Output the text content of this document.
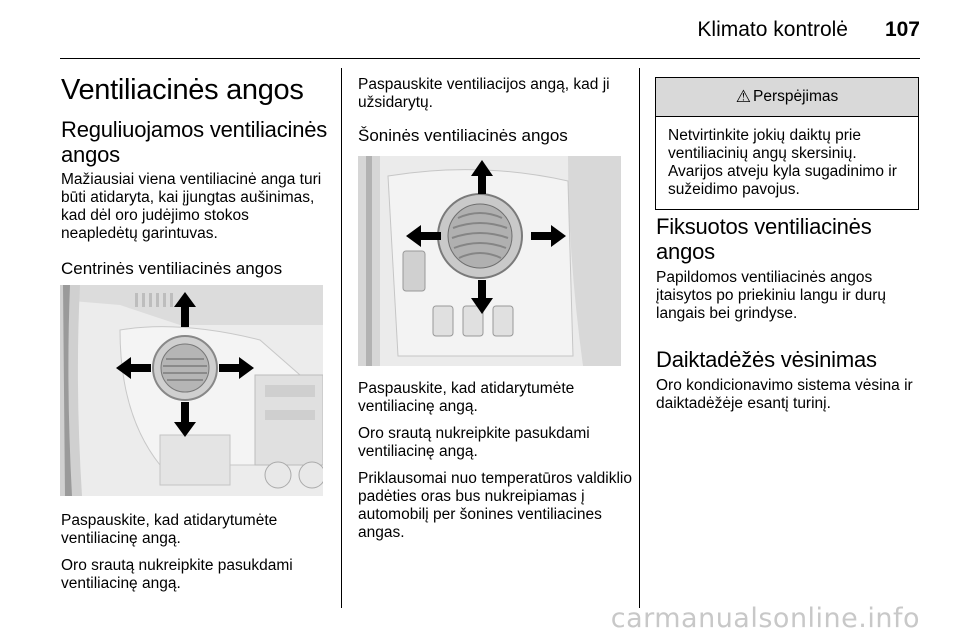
Klimato kontrolė 107
Ventiliacinės angos
Reguliuojamos ventiliacinės angos

Mažiausiai viena ventiliacinė anga turi būti atidaryta, kai įjungtas aušinimas, kad dėl oro judėjimo stokos neapledėtų garintuvas.

Centrinės ventiliacinės angos

Paspauskite, kad atidarytumėte ventiliacinę angą.

Oro srautą nukreipkite pasukdami ventiliacinę angą.

Paspauskite ventiliacijos angą, kad ji užsidarytų.

Šoninės ventiliacinės angos

Paspauskite, kad atidarytumėte ventiliacinę angą.

Oro srautą nukreipkite pasukdami ventiliacinę angą.

Priklausomai nuo temperatūros valdiklio padėties oras bus nukreipiamas į automobilį per šonines ventiliacines angas.

⚠ Perspėjimas
Netvirtinkite jokių daiktų prie ventiliacinių angų skersinių. Avarijos atveju kyla sugadinimo ir sužeidimo pavojus.
Fiksuotos ventiliacinės angos

Papildomos ventiliacinės angos įtaisytos po priekiniu langu ir durų langais bei grindyse.

Daiktadėžės vėsinimas

Oro kondicionavimo sistema vėsina ir daiktadėžėje esantį turinį.

carmanualsonline.info
